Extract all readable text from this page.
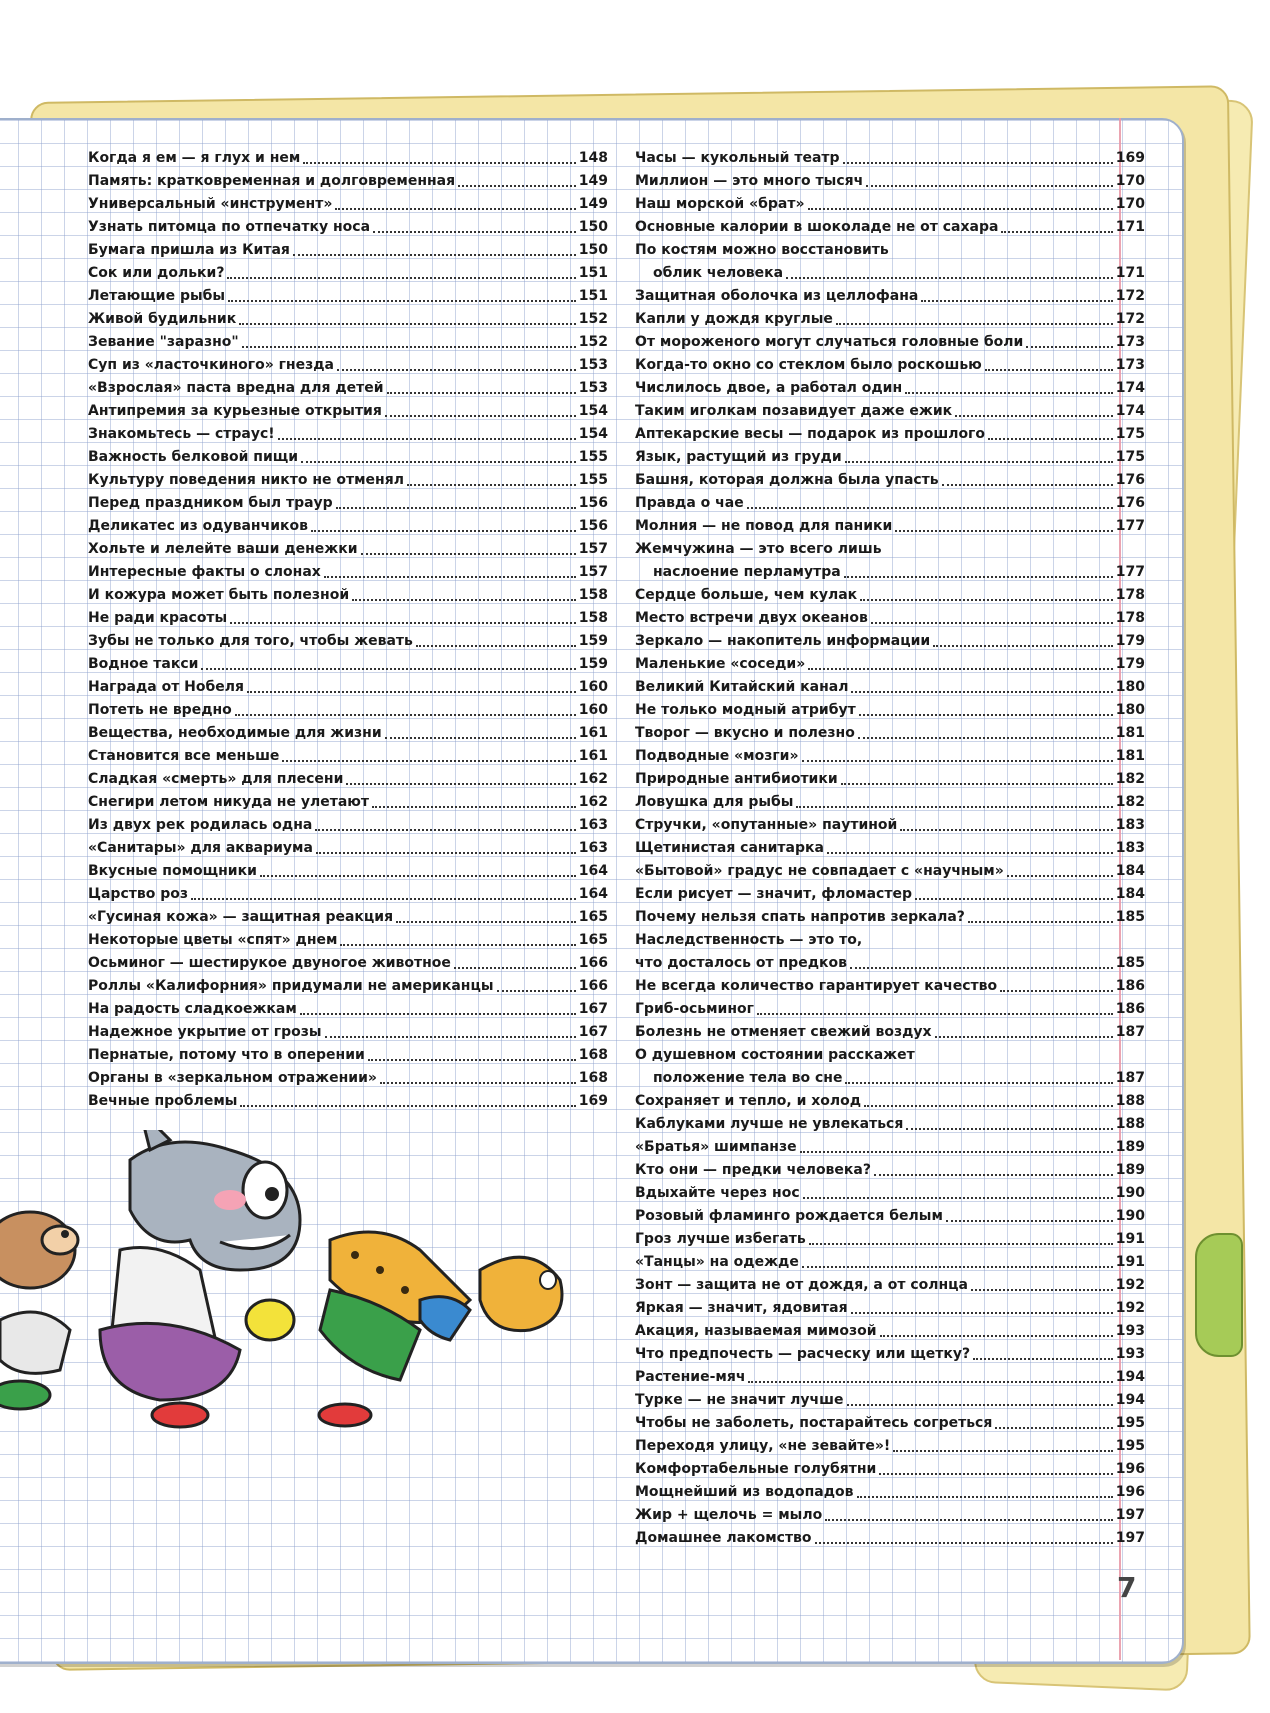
Когда я ем — я глух и нем	148
Память: кратковременная и долговременная	149
Универсальный «инструмент»	149
Узнать питомца по отпечатку носа	150
Бумага пришла из Китая	150
Сок или дольки?	151
Летающие рыбы	151
Живой будильник	152
Зевание "заразно"	152
Суп из «ласточкиного» гнезда	153
«Взрослая» паста вредна для детей	153
Антипремия за курьезные открытия	154
Знакомьтесь — страус!	154
Важность белковой пищи	155
Культуру поведения никто не отменял	155
Перед праздником был траур	156
Деликатес из одуванчиков	156
Хольте и лелейте ваши денежки	157
Интересные факты о слонах	157
И кожура может быть полезной	158
Не ради красоты	158
Зубы не только для того, чтобы жевать	159
Водное такси	159
Награда от Нобеля	160
Потеть не вредно	160
Вещества, необходимые для жизни	161
Становится все меньше	161
Сладкая «смерть» для плесени	162
Снегири летом никуда не улетают	162
Из двух рек родилась одна	163
«Санитары» для аквариума	163
Вкусные помощники	164
Царство роз	164
«Гусиная кожа» — защитная реакция	165
Некоторые цветы «спят» днем	165
Осьминог — шестирукое двуногое животное	166
Роллы «Калифорния» придумали не американцы	166
На радость сладкоежкам	167
Надежное укрытие от грозы	167
Пернатые, потому что в оперении	168
Органы в «зеркальном отражении»	168
Вечные проблемы	169
Часы — кукольный театр	169
Миллион — это много тысяч	170
Наш морской «брат»	170
Основные калории в шоколаде не от сахара	171
По костям можно восстановить
облик человека	171
Защитная оболочка из целлофана	172
Капли у дождя круглые	172
От мороженого могут случаться головные боли	173
Когда-то окно со стеклом было роскошью	173
Числилось двое, а работал один	174
Таким иголкам позавидует даже ежик	174
Аптекарские весы — подарок из прошлого	175
Язык, растущий из груди	175
Башня, которая должна была упасть	176
Правда о чае	176
Молния — не повод для паники	177
Жемчужина — это всего лишь
наслоение перламутра	177
Сердце больше, чем кулак	178
Место встречи двух океанов	178
Зеркало — накопитель информации	179
Маленькие «соседи»	179
Великий Китайский канал	180
Не только модный атрибут	180
Творог — вкусно и полезно	181
Подводные «мозги»	181
Природные антибиотики	182
Ловушка для рыбы	182
Стручки, «опутанные» паутиной	183
Щетинистая санитарка	183
«Бытовой» градус не совпадает с «научным»	184
Если рисует — значит, фломастер	184
Почему нельзя спать напротив зеркала?	185
Наследственность — это то,
что досталось от предков	185
Не всегда количество гарантирует качество	186
Гриб-осьминог	186
Болезнь не отменяет свежий воздух	187
О душевном состоянии расскажет
положение тела во сне	187
Сохраняет и тепло, и холод	188
Каблуками лучше не увлекаться	188
«Братья» шимпанзе	189
Кто они — предки человека?	189
Вдыхайте через нос	190
Розовый фламинго рождается белым	190
Гроз лучше избегать	191
«Танцы» на одежде	191
Зонт — защита не от дождя, а от солнца	192
Яркая — значит, ядовитая	192
Акация, называемая мимозой	193
Что предпочесть — расческу или щетку?	193
Растение-мяч	194
Турке — не значит лучше	194
Чтобы не заболеть, постарайтесь согреться	195
Переходя улицу, «не зевайте»!	195
Комфортабельные голубятни	196
Мощнейший из водопадов	196
Жир + щелочь = мыло	197
Домашнее лакомство	197
7
